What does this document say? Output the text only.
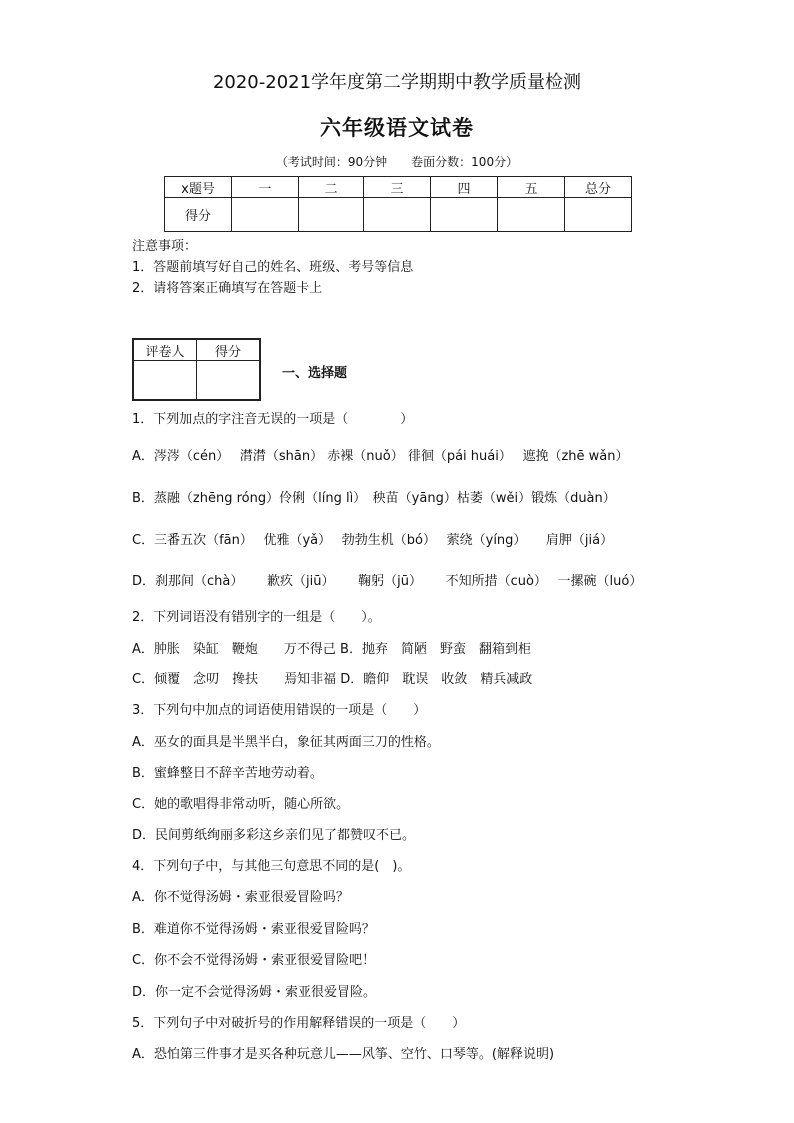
2020-2021学年度第二学期期中教学质量检测
六年级语文试卷
（考试时间：90分钟　　卷面分数：100分）
x题号	一	二	三	四	五	总分
得分						
注意事项：
1．答题前填写好自己的姓名、班级、考号等信息
2．请将答案正确填写在答题卡上
评卷人	得分

一、选择题
1．下列加点的字注音无误的一项是（　　　　）
A．涔涔（cén）　 潸潸（shān） 赤裸（nuǒ） 徘徊（pái huái）　 遮挽（zhē wǎn）
B．蒸融（zhēng róng）伶俐（líng lì）　秧苗（yāng）枯萎（wěi）锻炼（duàn）
C．三番五次（fān）　 优雅（yǎ）　 勃勃生机（bó）　 萦绕（yíng）　　肩胛（jiá）
D．刹那间（chà）　　 歉疚（jiū）　　 鞠躬（jū）　　 不知所措（cuò）　 一摞碗（luó）
2．下列词语没有错别字的一组是（　　）。
A．肿胀　染缸　鞭炮　　万不得己 B．抛弃　简陋　野蛮　翻箱到柜
C．倾覆　念叨　搀扶　　焉知非福 D．瞻仰　耽误　收敛　精兵减政
3．下列句中加点的词语使用错误的一项是（　　）
A．巫女的面具是半黑半白，象征其两面三刀的性格。
B．蜜蜂整日不辞辛苦地劳动着。
C．她的歌唱得非常动听，随心所欲。
D．民间剪纸绚丽多彩这乡亲们见了都赞叹不已。
4．下列句子中，与其他三句意思不同的是(　)。
A．你不觉得汤姆・索亚很爱冒险吗？
B．难道你不觉得汤姆・索亚很爱冒险吗？
C．你不会不觉得汤姆・索亚很爱冒险吧！
D．你一定不会觉得汤姆・索亚很爱冒险。
5．下列句子中对破折号的作用解释错误的一项是（　　）
A．恐怕第三件事才是买各种玩意儿——风筝、空竹、口琴等。(解释说明)
